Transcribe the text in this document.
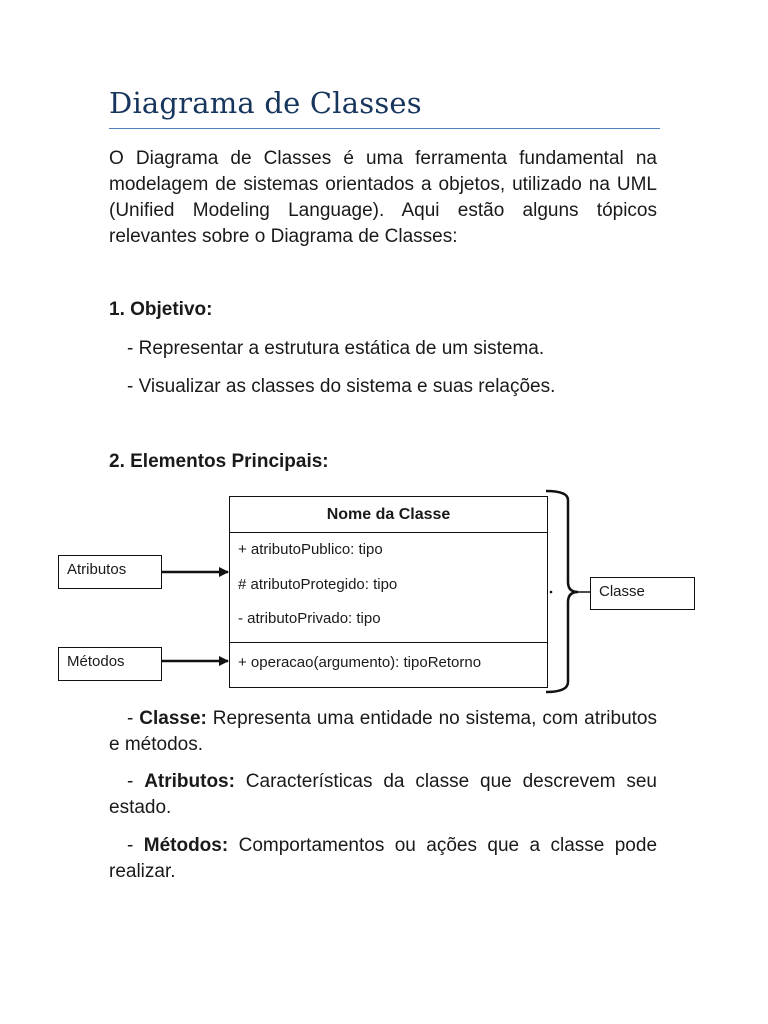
Diagrama de Classes

O Diagrama de Classes é uma ferramenta fundamental na modelagem de sistemas orientados a objetos, utilizado na UML (Unified Modeling Language). Aqui estão alguns tópicos relevantes sobre o Diagrama de Classes:

1. Objetivo:

- Representar a estrutura estática de um sistema.

- Visualizar as classes do sistema e suas relações.

2. Elementos Principais:

Nome da Classe
+ atributoPublico: tipo
# atributoProtegido: tipo
- atributoPrivado: tipo
+ operacao(argumento): tipoRetorno
Atributos
Métodos
Classe

- Classe: Representa uma entidade no sistema, com atributos e métodos.

- Atributos: Características da classe que descrevem seu estado.

- Métodos: Comportamentos ou ações que a classe pode realizar.
